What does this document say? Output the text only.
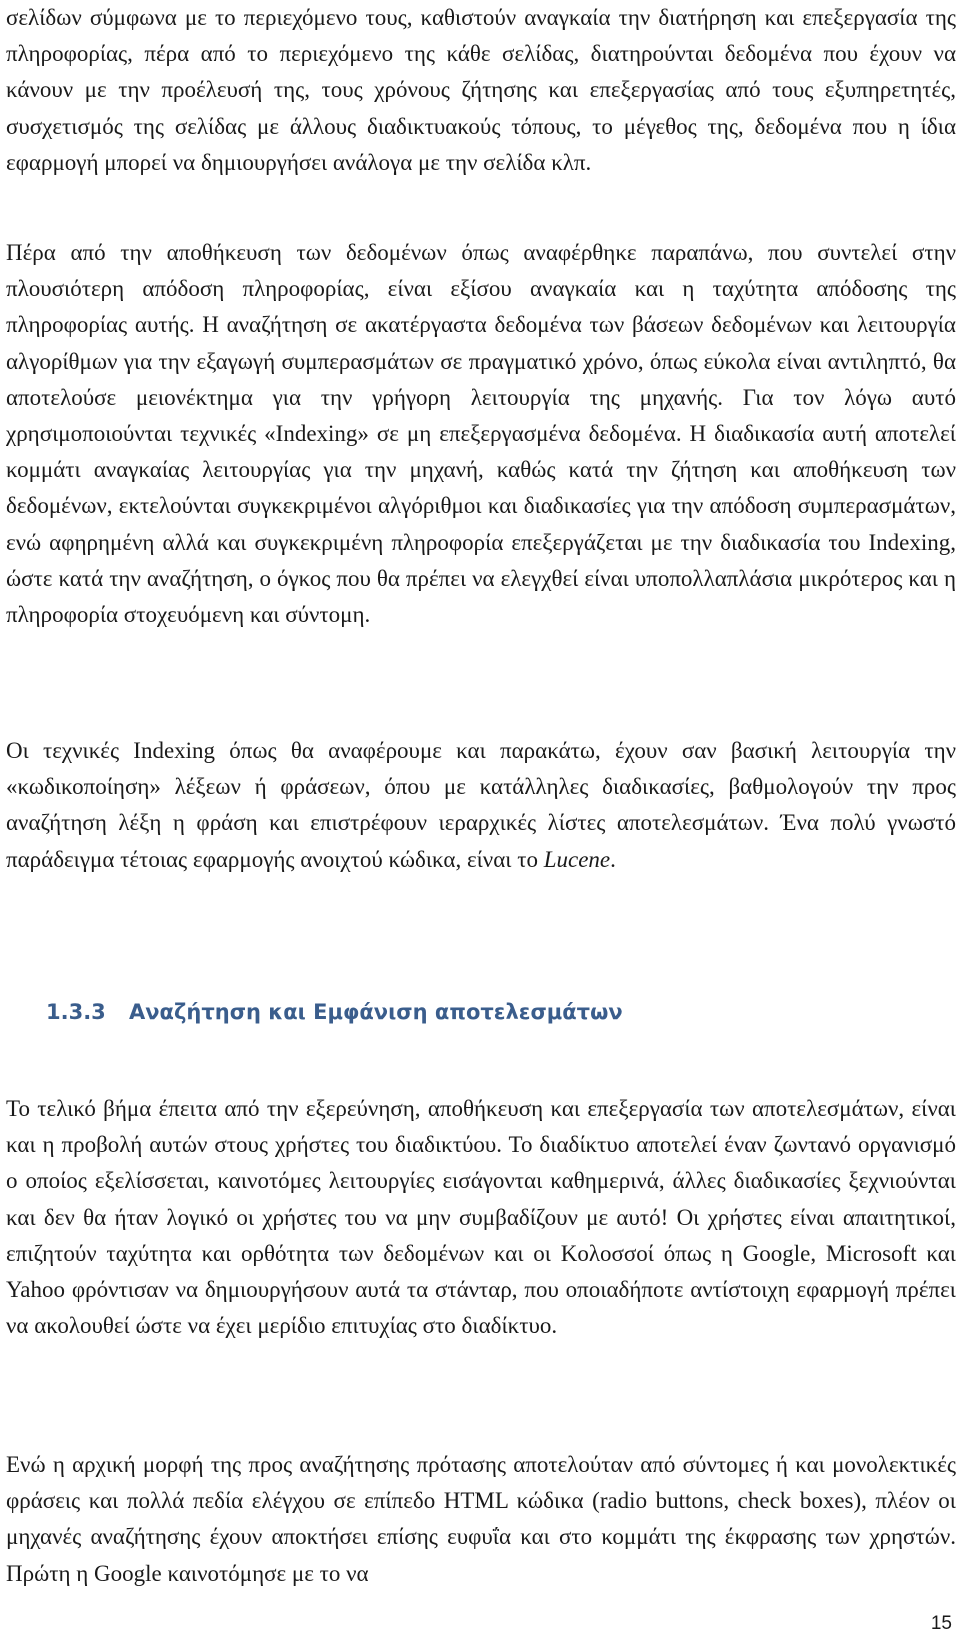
σελίδων σύμφωνα με το περιεχόμενο τους, καθιστούν αναγκαία την διατήρηση και επεξεργασία της πληροφορίας, πέρα από το περιεχόμενο της κάθε σελίδας, διατηρούνται δεδομένα που έχουν να κάνουν με την προέλευσή της, τους χρόνους ζήτησης και επεξεργασίας από τους εξυπηρετητές, συσχετισμός της σελίδας με άλλους διαδικτυακούς τόπους, το μέγεθος της, δεδομένα που η ίδια εφαρμογή μπορεί να δημιουργήσει ανάλογα με την σελίδα κλπ.

Πέρα από την αποθήκευση των δεδομένων όπως αναφέρθηκε παραπάνω, που συντελεί στην πλουσιότερη απόδοση πληροφορίας, είναι εξίσου αναγκαία και η ταχύτητα απόδοσης της πληροφορίας αυτής. Η αναζήτηση σε ακατέργαστα δεδομένα των βάσεων δεδομένων και λειτουργία αλγορίθμων για την εξαγωγή συμπερασμάτων σε πραγματικό χρόνο, όπως εύκολα είναι αντιληπτό, θα αποτελούσε μειονέκτημα για την γρήγορη λειτουργία της μηχανής. Για τον λόγω αυτό χρησιμοποιούνται τεχνικές «Indexing» σε μη επεξεργασμένα δεδομένα. Η διαδικασία αυτή αποτελεί κομμάτι αναγκαίας λειτουργίας για την μηχανή, καθώς κατά την ζήτηση και αποθήκευση των δεδομένων, εκτελούνται συγκεκριμένοι αλγόριθμοι και διαδικασίες για την απόδοση συμπερασμάτων, ενώ αφηρημένη αλλά και συγκεκριμένη πληροφορία επεξεργάζεται με την διαδικασία του Indexing, ώστε κατά την αναζήτηση, ο όγκος που θα πρέπει να ελεγχθεί είναι υποπολλαπλάσια μικρότερος και η πληροφορία στοχευόμενη και σύντομη.

Οι τεχνικές Indexing όπως θα αναφέρουμε και παρακάτω, έχουν σαν βασική λειτουργία την «κωδικοποίηση» λέξεων ή φράσεων, όπου με κατάλληλες διαδικασίες, βαθμολογούν την προς αναζήτηση λέξη η φράση και επιστρέφουν ιεραρχικές λίστες αποτελεσμάτων. Ένα πολύ γνωστό παράδειγμα τέτοιας εφαρμογής ανοιχτού κώδικα, είναι το Lucene.

1.3.3 Αναζήτηση και Εμφάνιση αποτελεσμάτων

Το τελικό βήμα έπειτα από την εξερεύνηση, αποθήκευση και επεξεργασία των αποτελεσμάτων, είναι και η προβολή αυτών στους χρήστες του διαδικτύου. Το διαδίκτυο αποτελεί έναν ζωντανό οργανισμό ο οποίος εξελίσσεται, καινοτόμες λειτουργίες εισάγονται καθημερινά, άλλες διαδικασίες ξεχνιούνται και δεν θα ήταν λογικό οι χρήστες του να μην συμβαδίζουν με αυτό! Οι χρήστες είναι απαιτητικοί, επιζητούν ταχύτητα και ορθότητα των δεδομένων και οι Κολοσσοί όπως η Google, Microsoft και Yahoo φρόντισαν να δημιουργήσουν αυτά τα στάνταρ, που οποιαδήποτε αντίστοιχη εφαρμογή πρέπει να ακολουθεί ώστε να έχει μερίδιο επιτυχίας στο διαδίκτυο.

Ενώ η αρχική μορφή της προς αναζήτησης πρότασης αποτελούταν από σύντομες ή και μονολεκτικές φράσεις και πολλά πεδία ελέγχου σε επίπεδο HTML κώδικα (radio buttons, check boxes), πλέον οι μηχανές αναζήτησης έχουν αποκτήσει επίσης ευφυΐα και στο κομμάτι της έκφρασης των χρηστών. Πρώτη η Google καινοτόμησε με το να

15
